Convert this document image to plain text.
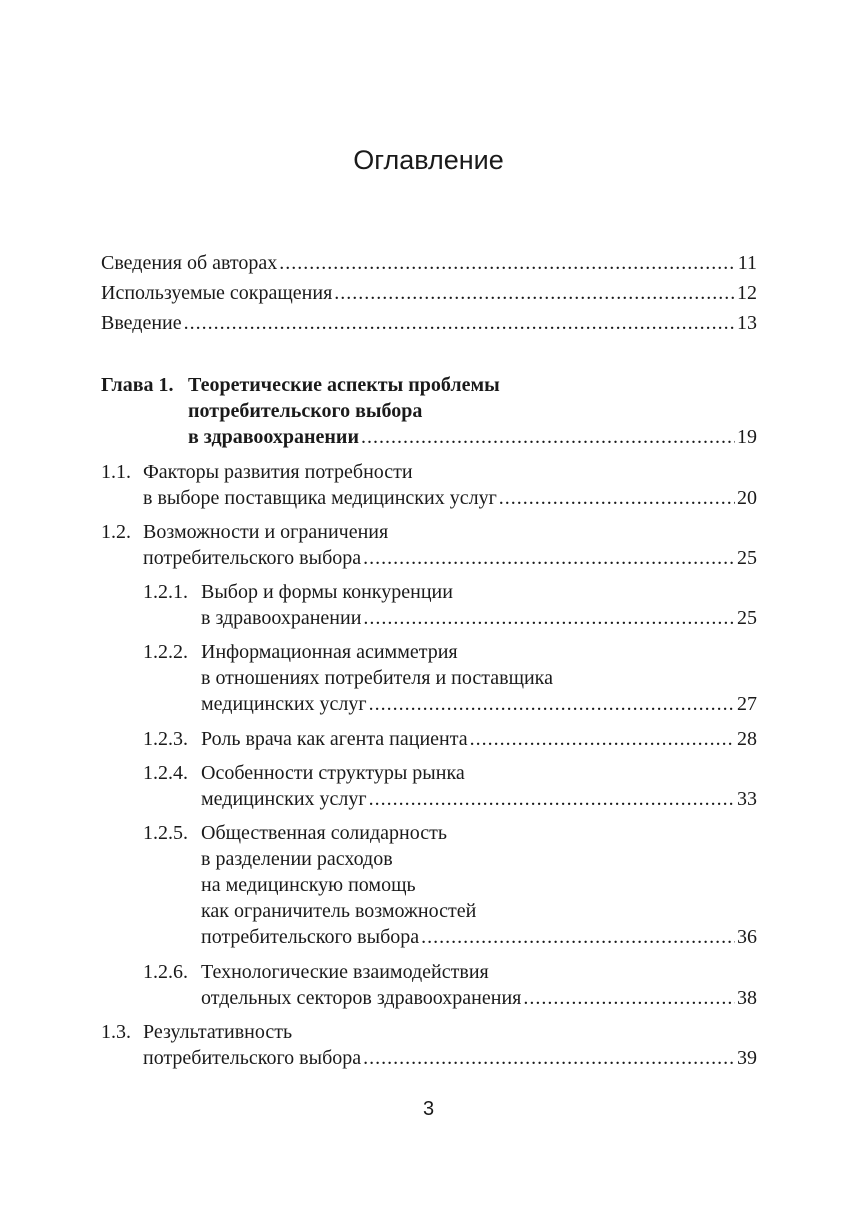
Оглавление
Сведения об авторах .....	11
Используемые сокращения .....	12
Введение .....	13
Глава 1. Теоретические аспекты проблемы
потребительского выбора
в здравоохранении .....	19
1.1. Факторы развития потребности
в выборе поставщика медицинских услуг .....	20
1.2. Возможности и ограничения
потребительского выбора .....	25
1.2.1. Выбор и формы конкуренции
в здравоохранении .....	25
1.2.2. Информационная асимметрия
в отношениях потребителя и поставщика
медицинских услуг .....	27
1.2.3. Роль врача как агента пациента .....	28
1.2.4. Особенности структуры рынка
медицинских услуг .....	33
1.2.5. Общественная солидарность
в разделении расходов
на медицинскую помощь
как ограничитель возможностей
потребительского выбора .....	36
1.2.6. Технологические взаимодействия
отдельных секторов здравоохранения .....	38
1.3. Результативность
потребительского выбора .....	39
3
